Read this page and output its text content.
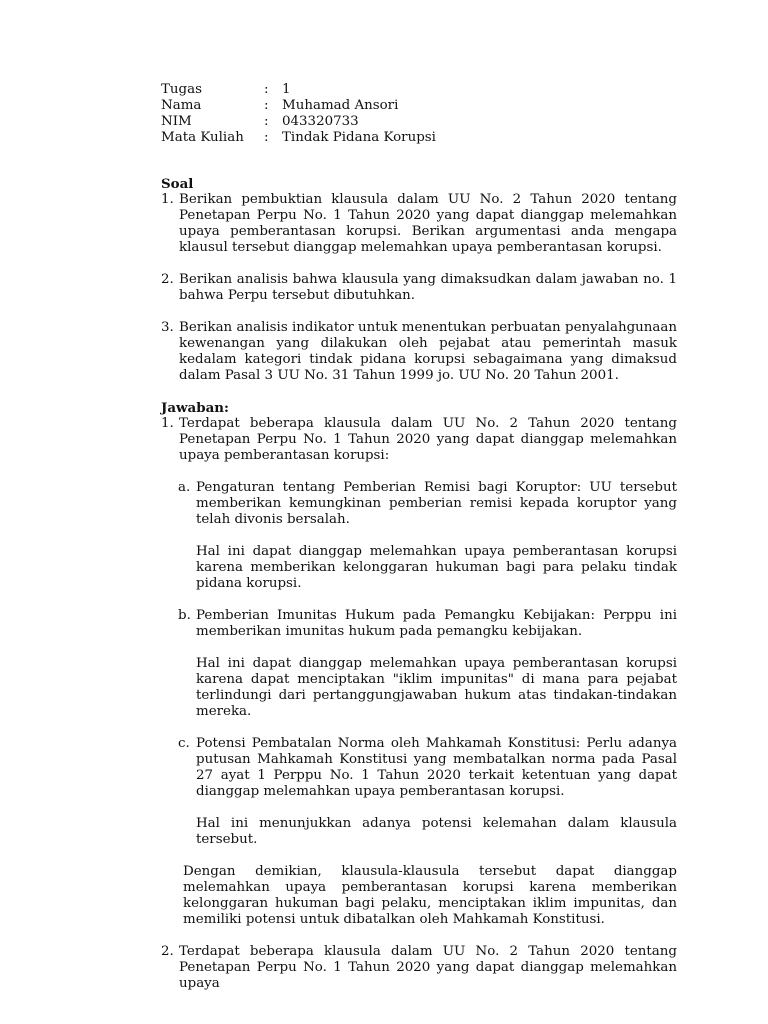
Tugas	:	1
Nama	:	Muhamad Ansori
NIM	:	043320733
Mata Kuliah	:	Tindak Pidana Korupsi
Soal
1. Berikan pembuktian klausula dalam UU No. 2 Tahun 2020 tentang Penetapan Perpu No. 1 Tahun 2020 yang dapat dianggap melemahkan upaya pemberantasan korupsi. Berikan argumentasi anda mengapa klausul tersebut dianggap melemahkan upaya pemberantasan korupsi.
2. Berikan analisis bahwa klausula yang dimaksudkan dalam jawaban no. 1 bahwa Perpu tersebut dibutuhkan.
3. Berikan analisis indikator untuk menentukan perbuatan penyalahgunaan kewenangan yang dilakukan oleh pejabat atau pemerintah masuk kedalam kategori tindak pidana korupsi sebagaimana yang dimaksud dalam Pasal 3 UU No. 31 Tahun 1999 jo. UU No. 20 Tahun 2001.
Jawaban:
1. Terdapat beberapa klausula dalam UU No. 2 Tahun 2020 tentang Penetapan Perpu No. 1 Tahun 2020 yang dapat dianggap melemahkan upaya pemberantasan korupsi:
a. Pengaturan tentang Pemberian Remisi bagi Koruptor: UU tersebut memberikan kemungkinan pemberian remisi kepada koruptor yang telah divonis bersalah.
Hal ini dapat dianggap melemahkan upaya pemberantasan korupsi karena memberikan kelonggaran hukuman bagi para pelaku tindak pidana korupsi.
b. Pemberian Imunitas Hukum pada Pemangku Kebijakan: Perppu ini memberikan imunitas hukum pada pemangku kebijakan.
Hal ini dapat dianggap melemahkan upaya pemberantasan korupsi karena dapat menciptakan "iklim impunitas" di mana para pejabat terlindungi dari pertanggungjawaban hukum atas tindakan-tindakan mereka.
c. Potensi Pembatalan Norma oleh Mahkamah Konstitusi: Perlu adanya putusan Mahkamah Konstitusi yang membatalkan norma pada Pasal 27 ayat 1 Perppu No. 1 Tahun 2020 terkait ketentuan yang dapat dianggap melemahkan upaya pemberantasan korupsi.
Hal ini menunjukkan adanya potensi kelemahan dalam klausula tersebut.
Dengan demikian, klausula-klausula tersebut dapat dianggap melemahkan upaya pemberantasan korupsi karena memberikan kelonggaran hukuman bagi pelaku, menciptakan iklim impunitas, dan memiliki potensi untuk dibatalkan oleh Mahkamah Konstitusi.
2. Terdapat beberapa klausula dalam UU No. 2 Tahun 2020 tentang Penetapan Perpu No. 1 Tahun 2020 yang dapat dianggap melemahkan upaya
